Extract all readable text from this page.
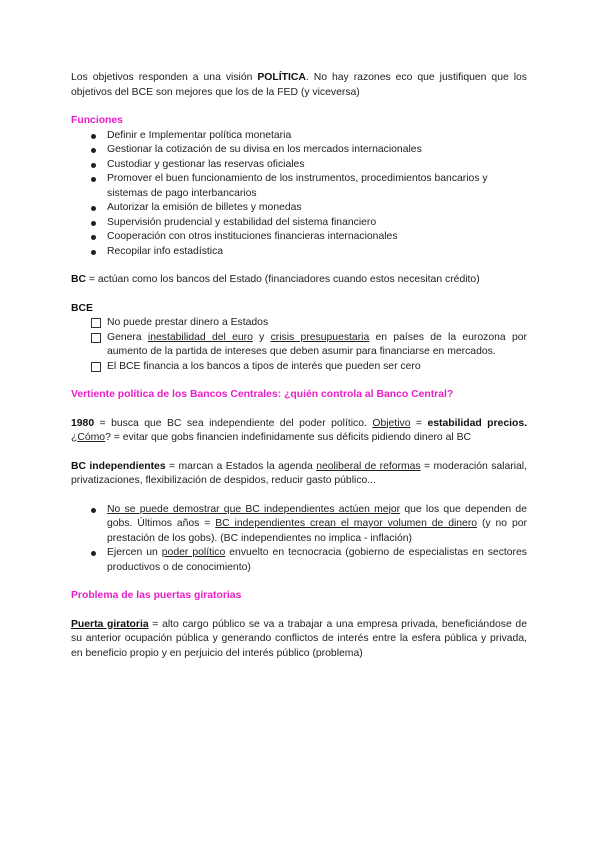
Los objetivos responden a una visión POLÍTICA. No hay razones eco que justifiquen que los objetivos del BCE son mejores que los de la FED (y viceversa)

Funciones
Definir e Implementar política monetaria
Gestionar la cotización de su divisa en los mercados internacionales
Custodiar y gestionar las reservas oficiales
Promover el buen funcionamiento de los instrumentos, procedimientos bancarios y sistemas de pago interbancarios
Autorizar la emisión de billetes y monedas
Supervisión prudencial y estabilidad del sistema financiero
Cooperación con otros instituciones financieras internacionales
Recopilar info estadística

BC = actúan como los bancos del Estado (financiadores cuando estos necesitan crédito)

BCE
No puede prestar dinero a Estados
Genera inestabilidad del euro y crisis presupuestaria en países de la eurozona por aumento de la partida de intereses que deben asumir para financiarse en mercados.
El BCE financia a los bancos a tipos de interés que pueden ser cero
Vertiente política de los Bancos Centrales: ¿quién controla al Banco Central?

1980 = busca que BC sea independiente del poder político. Objetivo = estabilidad precios. ¿Cómo? = evitar que gobs financien indefinidamente sus déficits pidiendo dinero al BC

BC independientes = marcan a Estados la agenda neoliberal de reformas = moderación salarial, privatizaciones, flexibilización de despidos, reducir gasto público...

No se puede demostrar que BC independientes actúen mejor que los que dependen de gobs. Últimos años = BC independientes crean el mayor volumen de dinero (y no por prestación de los gobs). (BC independientes no implica - inflación)
Ejercen un poder político envuelto en tecnocracia (gobierno de especialistas en sectores productivos o de conocimiento)
Problema de las puertas giratorias

Puerta giratoria = alto cargo público se va a trabajar a una empresa privada, beneficiándose de su anterior ocupación pública y generando conflictos de interés entre la esfera pública y privada, en beneficio propio y en perjuicio del interés público (problema)
